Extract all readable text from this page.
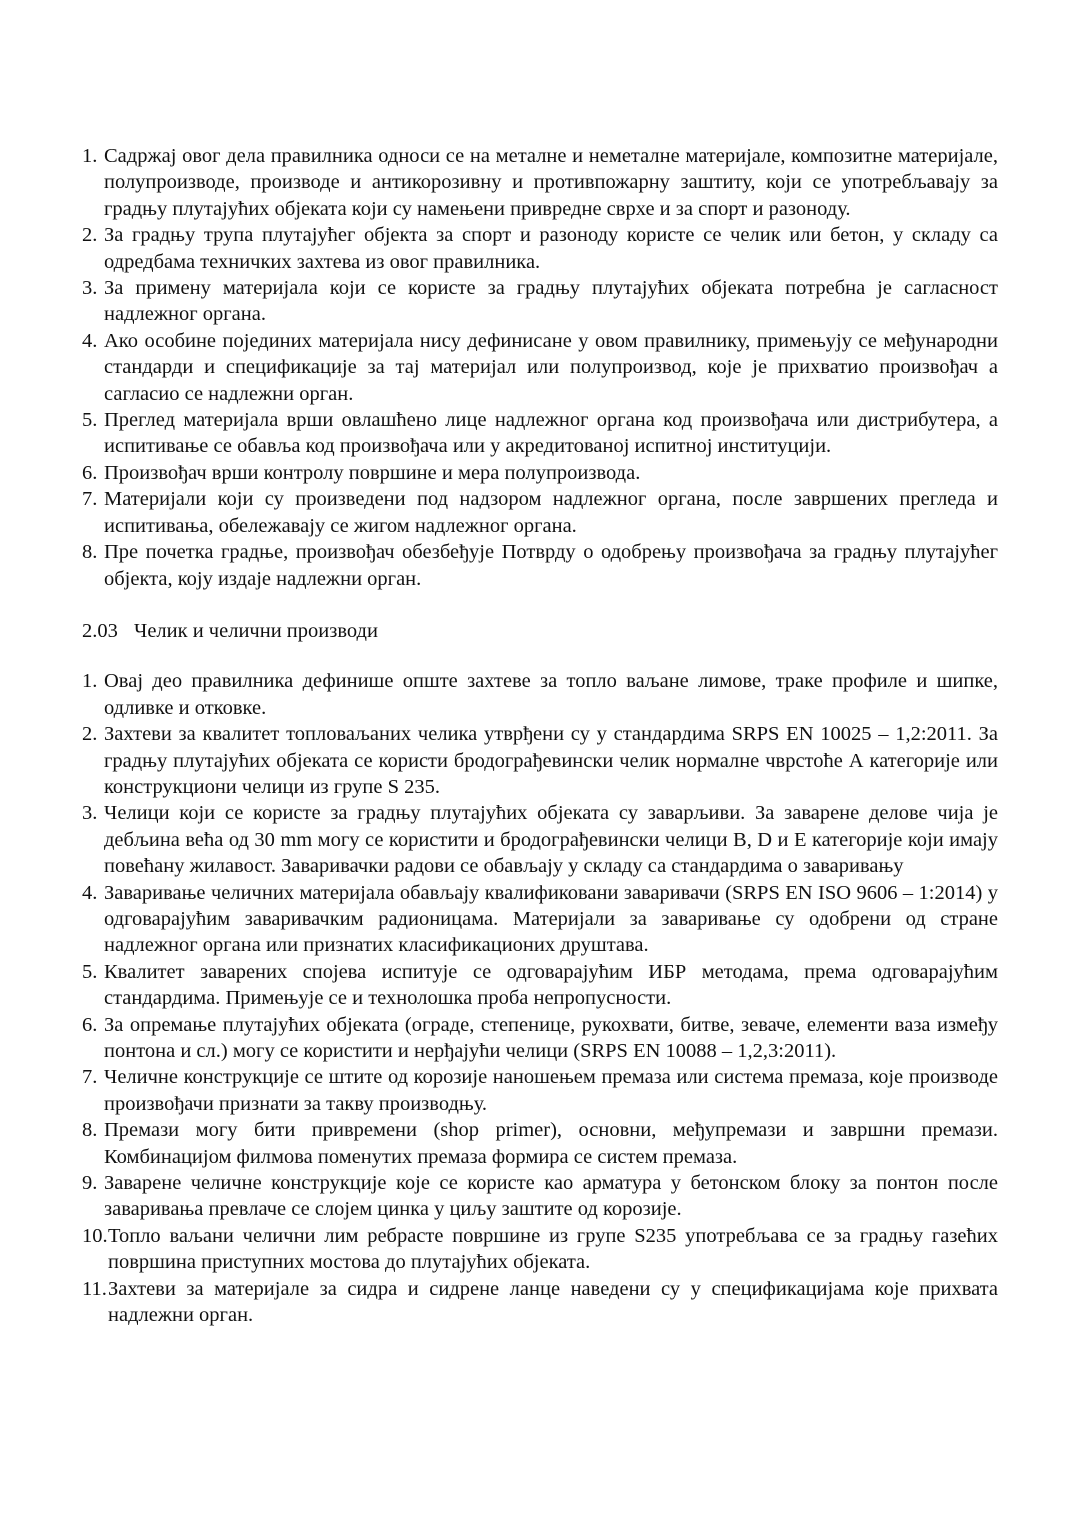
1. Садржај овог дела правилника односи се на металне и неметалне материјале, композитне материјале, полупроизводе, производе и антикорозивну и противпожарну заштиту, који се употребљавају за градњу плутајућих објеката који су намењени привредне сврхе и за спорт и разоноду.
2. За градњу трупа плутајућег објекта за спорт и разоноду користе се челик или бетон, у складу са одредбама техничких захтева из овог правилника.
3. За примену материјала који се користе за градњу плутајућих објеката потребна је сагласност надлежног органа.
4. Ако особине појединих материјала нису дефинисане у овом правилнику, примењују се међународни стандарди и спецификације за тај материјал или полупроизвод, које је прихватио произвођач а сагласио се надлежни орган.
5. Преглед материјала врши овлашћено лице надлежног органа код произвођача или дистрибутера, а испитивање се обавља код произвођача или у акредитованој испитној институцији.
6. Произвођач врши контролу површине и мера полупроизвода.
7. Материјали који су произведени под надзором надлежног органа, после завршених прегледа и испитивања, обележавају се жигом надлежног органа.
8. Пре почетка градње, произвођач обезбеђује Потврду о одобрењу произвођача за градњу плутајућег објекта, коју издаје надлежни орган.
2.03 Челик и челични производи
1. Овај део правилника дефинише опште захтеве за топло ваљане лимове, траке профиле и шипке, одливке и отковке.
2. Захтеви за квалитет топловаљаних челика утврђени су у стандардима SRPS EN 10025 – 1,2:2011. За градњу плутајућих објеката се користи бродограђевински челик нормалне чврстоће А категорије или конструкциони челици из групе S 235.
3. Челици који се користе за градњу плутајућих објеката су заварљиви. За заварене делове чија је дебљина већа од 30 mm могу се користити и бродограђевински челици B, D и E категорије који имају повећану жилавост. Заваривачки радови се обављају у складу са стандардима о заваривању
4. Заваривање челичних материјала обављају квалификовани заваривачи (SRPS EN ISO 9606 – 1:2014) у одговарајућим заваривачким радионицама. Материјали за заваривање су одобрени од стране надлежног органа или признатих класификационих друштава.
5. Квалитет заварених спојева испитује се одговарајућим ИБР методама, према одговарајућим стандардима. Примењује се и технолошка проба непропусности.
6. За опремање плутајућих објеката (ограде, степенице, рукохвати, битве, зеваче, елементи ваза између понтона и сл.) могу се користити и нерђајући челици (SRPS EN 10088 – 1,2,3:2011).
7. Челичне конструкције се штите од корозије наношењем премаза или система премаза, које производе произвођачи признати за такву производњу.
8. Премази могу бити привремени (shop primer), основни, међупремази и завршни премази. Комбинацијом филмова поменутих премаза формира се систем премаза.
9. Заварене челичне конструкције које се користе као арматура у бетонском блоку за понтон после заваривања превлаче се слојем цинка у циљу заштите од корозије.
10. Топло ваљани челични лим ребрасте површине из групе S235 употребљава се за градњу газећих површина приступних мостова до плутајућих објеката.
11. Захтеви за материјале за сидра и сидрене ланце наведени су у спецификацијама које прихвата надлежни орган.
